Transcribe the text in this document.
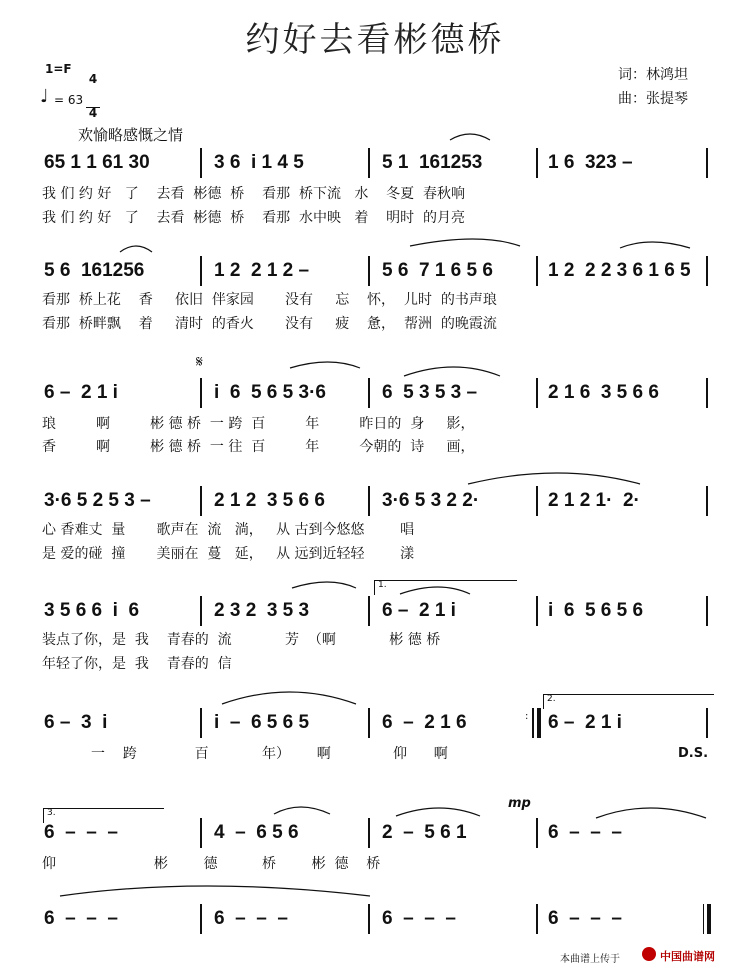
约好去看彬德桥
1=F

4

4

♩ = 63
词：林鸿坦
曲：张提琴
欢愉略感慨之情
65 1 1 61 30	3 6  i 1 4 5	5 1  161253	1 6  323 –
我 们 约 好   了    去看  彬德  桥    看那  桥下流   水    冬夏  春秋响
我 们 约 好   了    去看  彬德  桥    看那  水中映   着    明时  的月亮
5 6  161256	1 2  2 1 2 –	5 6  7 1 6 5 6	1 2  2 2 3 6 1 6 5
看那  桥上花    香     依旧  伴家园       没有     忘    怀，  儿时  的书声琅
看那  桥畔飘    着     清时  的香火       没有     疲    惫，  帮洲  的晚霞流
𝄋
6 –  2 1 i	i  6  5 6 5 3·6	6  5 3 5 3 –	2 1 6  3 5 6 6
琅         啊         彬 德 桥  一 跨  百         年         昨日的  身     影，
香         啊         彬 德 桥  一 往  百         年         今朝的  诗     画，
3·6 5 2 5 3 –	2 1 2  3 5 6 6	3·6 5 3 2 2·	2 1 2 1·  2·
心 香难丈  量       歌声在  流   淌，   从 古到今悠悠        唱
是 爱的碰  撞       美丽在  蔓   延，   从 远到近轻轻        漾
1.
3 5 6 6  i  6	2 3 2  3 5 3	6 –  2 1 i	i  6  5 6 5 6
装点了你，是  我    青春的  流            芳  （啊            彬 德 桥
年轻了你，是  我    青春的  信
2.
6 –  3  i	i  –  6 5 6 5	6  –  2 1 6	: 6 –  2 1 i
一    跨             百            年）      啊              仰      啊	D.S.
3.
mp
6  –  –  –	4  –  6 5 6	2  –  5 6 1	6  –  –  –
仰                      彬        德          桥        彬  德    桥
6  –  –  –	6  –  –  –	6  –  –  –	6  –  –  –
本曲谱上传于	中国曲谱网
